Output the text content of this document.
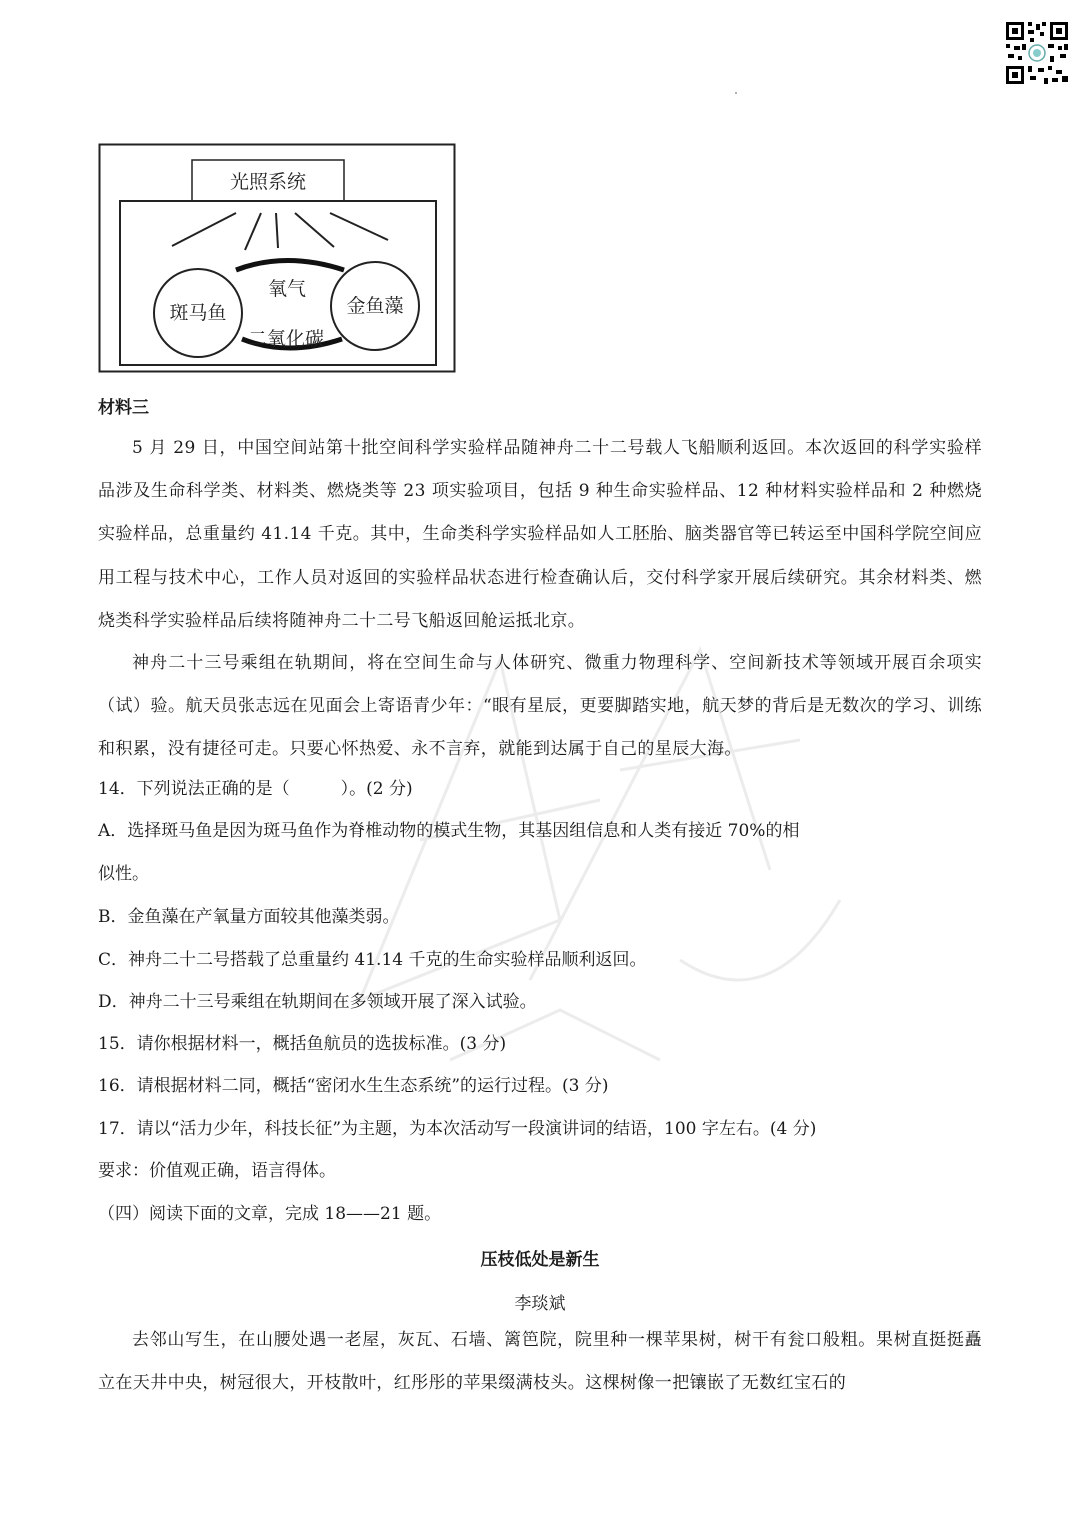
光照系统
氧气
二氧化碳
斑马鱼	金鱼藻

材料三

5 月 29 日，中国空间站第十批空间科学实验样品随神舟二十二号载人飞船顺利返回。本次返回的科学实验样品涉及生命科学类、材料类、燃烧类等 23 项实验项目，包括 9 种生命实验样品、12 种材料实验样品和 2 种燃烧实验样品，总重量约 41.14 千克。其中，生命类科学实验样品如人工胚胎、脑类器官等已转运至中国科学院空间应用工程与技术中心，工作人员对返回的实验样品状态进行检查确认后，交付科学家开展后续研究。其余材料类、燃烧类科学实验样品后续将随神舟二十二号飞船返回舱运抵北京。

神舟二十三号乘组在轨期间，将在空间生命与人体研究、微重力物理科学、空间新技术等领域开展百余项实（试）验。航天员张志远在见面会上寄语青少年：“眼有星辰，更要脚踏实地，航天梦的背后是无数次的学习、训练和积累，没有捷径可走。只要心怀热爱、永不言弃，就能到达属于自己的星辰大海。

14．下列说法正确的是（　　　）。(2 分)

A．选择斑马鱼是因为斑马鱼作为脊椎动物的模式生物，其基因组信息和人类有接近 70%的相

似性。

B．金鱼藻在产氧量方面较其他藻类弱。

C．神舟二十二号搭载了总重量约 41.14 千克的生命实验样品顺利返回。

D．神舟二十三号乘组在轨期间在多领域开展了深入试验。

15．请你根据材料一，概括鱼航员的选拔标准。(3 分)

16．请根据材料二同，概括“密闭水生生态系统”的运行过程。(3 分)

17．请以“活力少年，科技长征”为主题，为本次活动写一段演讲词的结语，100 字左右。(4 分)

要求：价值观正确，语言得体。

（四）阅读下面的文章，完成 18——21 题。

压枝低处是新生

李琰斌

去邻山写生，在山腰处遇一老屋，灰瓦、石墙、篱笆院，院里种一棵苹果树，树干有瓮口般粗。果树直挺挺矗立在天井中央，树冠很大，开枝散叶，红彤彤的苹果缀满枝头。这棵树像一把镶嵌了无数红宝石的
